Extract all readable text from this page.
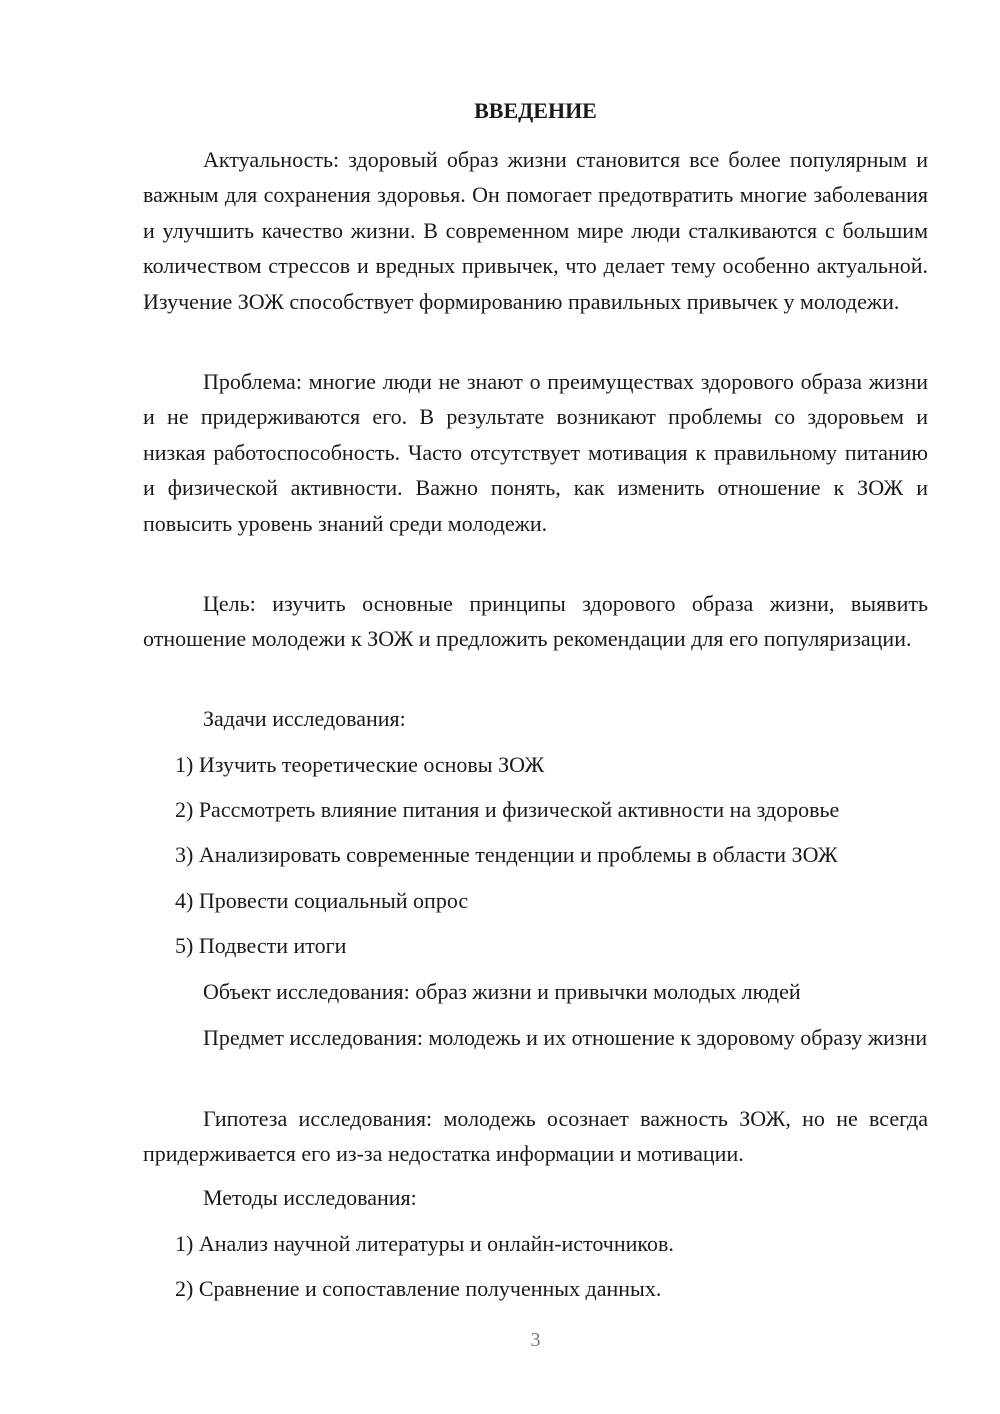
ВВЕДЕНИЕ

Актуальность: здоровый образ жизни становится все более популярным и важным для сохранения здоровья. Он помогает предотвратить многие заболевания и улучшить качество жизни. В современном мире люди сталкиваются с большим количеством стрессов и вредных привычек, что делает тему особенно актуальной. Изучение ЗОЖ способствует формированию правильных привычек у молодежи.

Проблема: многие люди не знают о преимуществах здорового образа жизни и не придерживаются его. В результате возникают проблемы со здоровьем и низкая работоспособность. Часто отсутствует мотивация к правильному питанию и физической активности. Важно понять, как изменить отношение к ЗОЖ и повысить уровень знаний среди молодежи.

Цель: изучить основные принципы здорового образа жизни, выявить отношение молодежи к ЗОЖ и предложить рекомендации для его популяризации.

Задачи исследования:

1) Изучить теоретические основы ЗОЖ

2) Рассмотреть влияние питания и физической активности на здоровье

3) Анализировать современные тенденции и проблемы в области ЗОЖ

4) Провести социальный опрос

5) Подвести итоги

Объект исследования: образ жизни и привычки молодых людей

Предмет исследования: молодежь и их отношение к здоровому образу жизни

Гипотеза исследования: молодежь осознает важность ЗОЖ, но не всегда придерживается его из-за недостатка информации и мотивации.

Методы исследования:

1) Анализ научной литературы и онлайн-источников.

2) Сравнение и сопоставление полученных данных.

3
